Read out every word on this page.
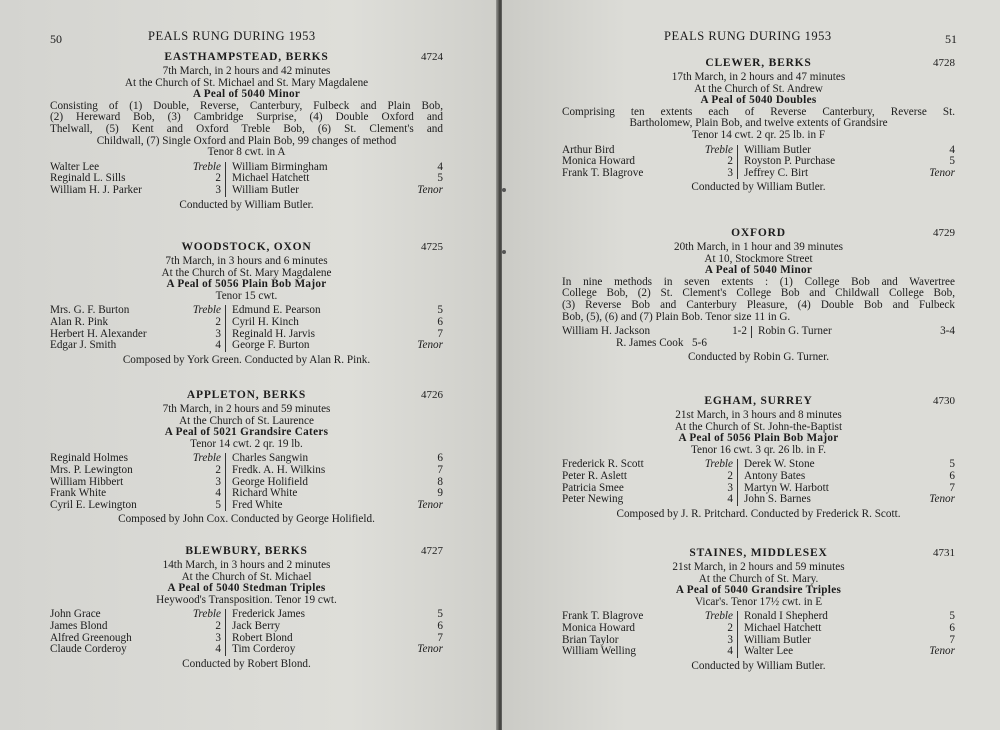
50	PEALS RUNG DURING 1953
EASTHAMPSTEAD, BERKS	4724
7th March, in 2 hours and 42 minutes
At the Church of St. Michael and St. Mary Magdalene
A Peal of 5040 Minor
Consisting of (1) Double, Reverse, Canterbury, Fulbeck and Plain Bob,
(2) Hereward Bob, (3) Cambridge Surprise, (4) Double Oxford and
Thelwall, (5) Kent and Oxford Treble Bob, (6) St. Clement's and
Childwall, (7) Single Oxford and Plain Bob, 99 changes of method
Tenor 8 cwt. in A
Walter Lee	Treble William Birmingham	4
Reginald L. Sills	2 Michael Hatchett	5
William H. J. Parker	3 William Butler	Tenor
Conducted by William Butler.
WOODSTOCK, OXON	4725
7th March, in 3 hours and 6 minutes
At the Church of St. Mary Magdalene
A Peal of 5056 Plain Bob Major
Tenor 15 cwt.
Mrs. G. F. Burton	Treble Edmund E. Pearson	5
Alan R. Pink	2 Cyril H. Kinch	6
Herbert H. Alexander	3 Reginald H. Jarvis	7
Edgar J. Smith	4 George F. Burton	Tenor
Composed by York Green. Conducted by Alan R. Pink.
APPLETON, BERKS	4726
7th March, in 2 hours and 59 minutes
At the Church of St. Laurence
A Peal of 5021 Grandsire Caters
Tenor 14 cwt. 2 qr. 19 lb.
Reginald Holmes	Treble Charles Sangwin	6
Mrs. P. Lewington	2 Fredk. A. H. Wilkins	7
William Hibbert	3 George Holifield	8
Frank White	4 Richard White	9
Cyril E. Lewington	5 Fred White	Tenor
Composed by John Cox. Conducted by George Holifield.
BLEWBURY, BERKS	4727
14th March, in 3 hours and 2 minutes
At the Church of St. Michael
A Peal of 5040 Stedman Triples
Heywood's Transposition. Tenor 19 cwt.
John Grace	Treble Frederick James	5
James Blond	2 Jack Berry	6
Alfred Greenough	3 Robert Blond	7
Claude Corderoy	4 Tim Corderoy	Tenor
Conducted by Robert Blond.
PEALS RUNG DURING 1953	51
CLEWER, BERKS	4728
17th March, in 2 hours and 47 minutes
At the Church of St. Andrew
A Peal of 5040 Doubles
Comprising ten extents each of Reverse Canterbury, Reverse St.
Bartholomew, Plain Bob, and twelve extents of Grandsire
Tenor 14 cwt. 2 qr. 25 lb. in F
Arthur Bird	Treble William Butler	4
Monica Howard	2 Royston P. Purchase	5
Frank T. Blagrove	3 Jeffrey C. Birt	Tenor
Conducted by William Butler.
OXFORD	4729
20th March, in 1 hour and 39 minutes
At 10, Stockmore Street
A Peal of 5040 Minor
In nine methods in seven extents : (1) College Bob and Wavertree
College Bob, (2) St. Clement's College Bob and Childwall College Bob,
(3) Reverse Bob and Canterbury Pleasure, (4) Double Bob and Fulbeck
Bob, (5), (6) and (7) Plain Bob. Tenor size 11 in G.
William H. Jackson	1-2 Robin G. Turner	3-4
R. James Cook 5-6
Conducted by Robin G. Turner.
EGHAM, SURREY	4730
21st March, in 3 hours and 8 minutes
At the Church of St. John-the-Baptist
A Peal of 5056 Plain Bob Major
Tenor 16 cwt. 3 qr. 26 lb. in F.
Frederick R. Scott	Treble Derek W. Stone	5
Peter R. Aslett	2 Antony Bates	6
Patricia Smee	3 Martyn W. Harbott	7
Peter Newing	4 John S. Barnes	Tenor
Composed by J. R. Pritchard. Conducted by Frederick R. Scott.
STAINES, MIDDLESEX	4731
21st March, in 2 hours and 59 minutes
At the Church of St. Mary.
A Peal of 5040 Grandsire Triples
Vicar's. Tenor 17½ cwt. in E
Frank T. Blagrove	Treble Ronald I Shepherd	5
Monica Howard	2 Michael Hatchett	6
Brian Taylor	3 William Butler	7
William Welling	4 Walter Lee	Tenor
Conducted by William Butler.
